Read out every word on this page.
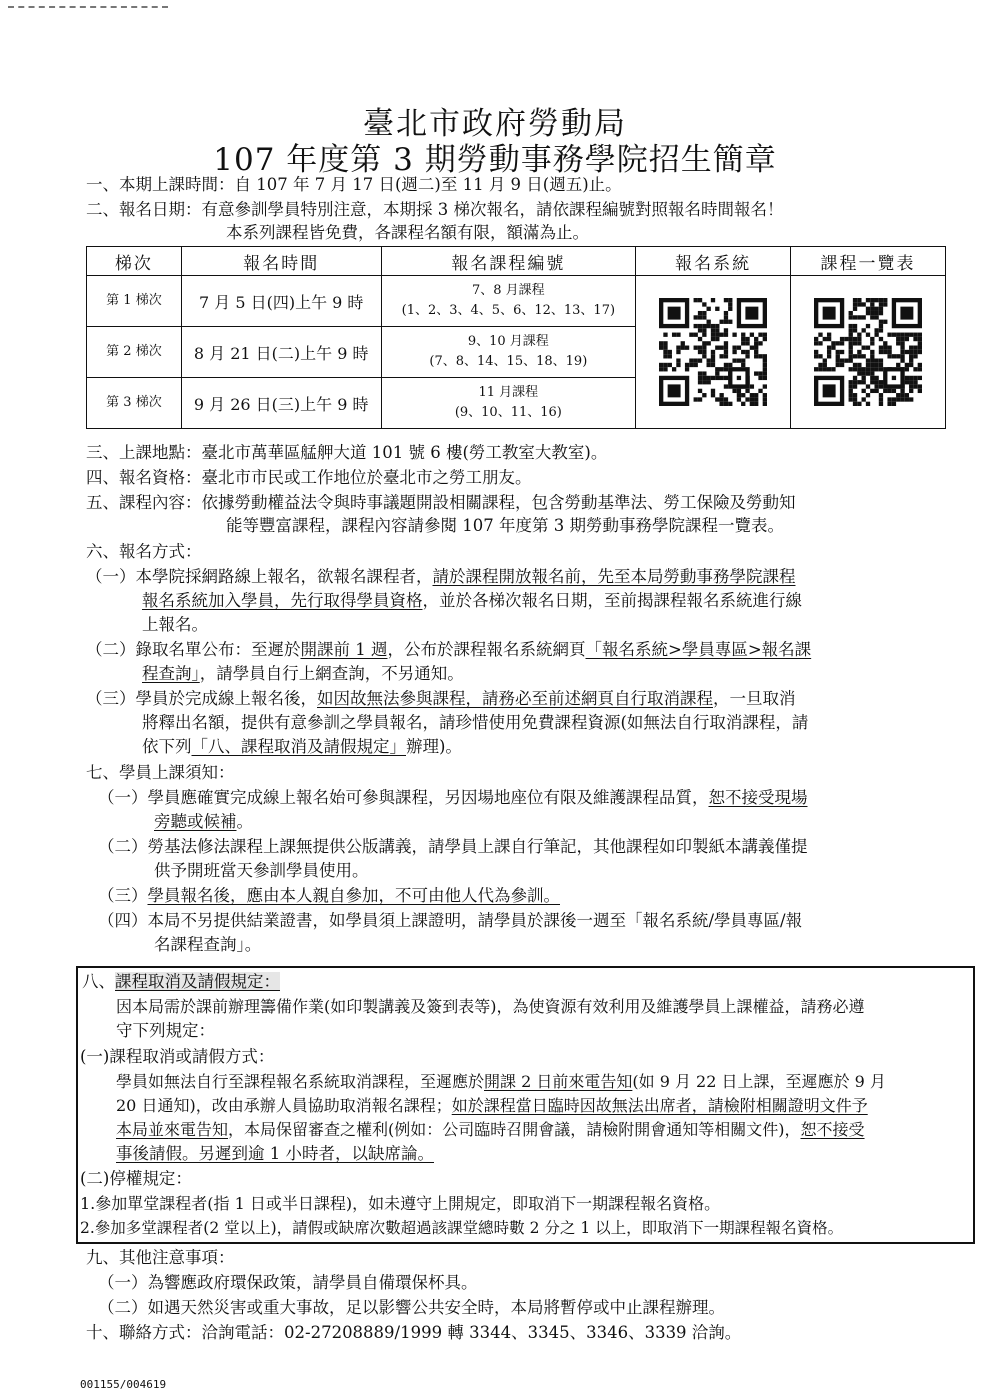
臺北市政府勞動局
107 年度第 3 期勞動事務學院招生簡章
一、本期上課時間：自 107 年 7 月 17 日(週二)至 11 月 9 日(週五)止。
二、報名日期：有意參訓學員特別注意，本期採 3 梯次報名，請依課程編號對照報名時間報名！
本系列課程皆免費，各課程名額有限，額滿為止。
梯次	報名時間	報名課程編號	報名系統	課程一覽表
第 1 梯次	7 月 5 日(四)上午 9 時	7、8 月課程
(1、2、3、4、5、6、12、13、17)

第 2 梯次	8 月 21 日(二)上午 9 時	9、10 月課程
(7、8、14、15、18、19)		

第 3 梯次	9 月 26 日(三)上午 9 時	11 月課程
(9、10、11、16)		
三、上課地點：臺北市萬華區艋舺大道 101 號 6 樓(勞工教室大教室)。
四、報名資格：臺北市市民或工作地位於臺北市之勞工朋友。
五、課程內容：依據勞動權益法令與時事議題開設相關課程，包含勞動基準法、勞工保險及勞動知
能等豐富課程，課程內容請參閱 107 年度第 3 期勞動事務學院課程一覽表。
六、報名方式：
（一）本學院採網路線上報名，欲報名課程者，請於課程開放報名前，先至本局勞動事務學院課程
報名系統加入學員，先行取得學員資格，並於各梯次報名日期，至前揭課程報名系統進行線
上報名。
（二）錄取名單公布：至遲於開課前 1 週，公布於課程報名系統網頁「報名系統>學員專區>報名課
程查詢」，請學員自行上網查詢，不另通知。
（三）學員於完成線上報名後，如因故無法參與課程，請務必至前述網頁自行取消課程，一旦取消
將釋出名額，提供有意參訓之學員報名，請珍惜使用免費課程資源(如無法自行取消課程，請
依下列「八、課程取消及請假規定」辦理)。
七、學員上課須知：
（一）學員應確實完成線上報名始可參與課程，另因場地座位有限及維護課程品質，恕不接受現場
旁聽或候補。
（二）勞基法修法課程上課無提供公版講義，請學員上課自行筆記，其他課程如印製紙本講義僅提
供予開班當天參訓學員使用。
（三）學員報名後，應由本人親自參加，不可由他人代為參訓。
（四）本局不另提供結業證書，如學員須上課證明，請學員於課後一週至「報名系統/學員專區/報
名課程查詢」。
八、課程取消及請假規定：
因本局需於課前辦理籌備作業(如印製講義及簽到表等)，為使資源有效利用及維護學員上課權益，請務必遵
守下列規定：
(一)課程取消或請假方式：
學員如無法自行至課程報名系統取消課程，至遲應於開課 2 日前來電告知(如 9 月 22 日上課，至遲應於 9 月
20 日通知)，改由承辦人員協助取消報名課程；如於課程當日臨時因故無法出席者，請檢附相關證明文件予
本局並來電告知，本局保留審查之權利(例如：公司臨時召開會議，請檢附開會通知等相關文件)，恕不接受
事後請假。另遲到逾 1 小時者，以缺席論。
(二)停權規定：
1.參加單堂課程者(指 1 日或半日課程)，如未遵守上開規定，即取消下一期課程報名資格。
2.參加多堂課程者(2 堂以上)，請假或缺席次數超過該課堂總時數 2 分之 1 以上，即取消下一期課程報名資格。
九、其他注意事項：
（一）為響應政府環保政策，請學員自備環保杯具。
（二）如遇天然災害或重大事故，足以影響公共安全時，本局將暫停或中止課程辦理。
十、聯絡方式：洽詢電話：02-27208889/1999 轉 3344、3345、3346、3339 洽詢。
001155/004619
